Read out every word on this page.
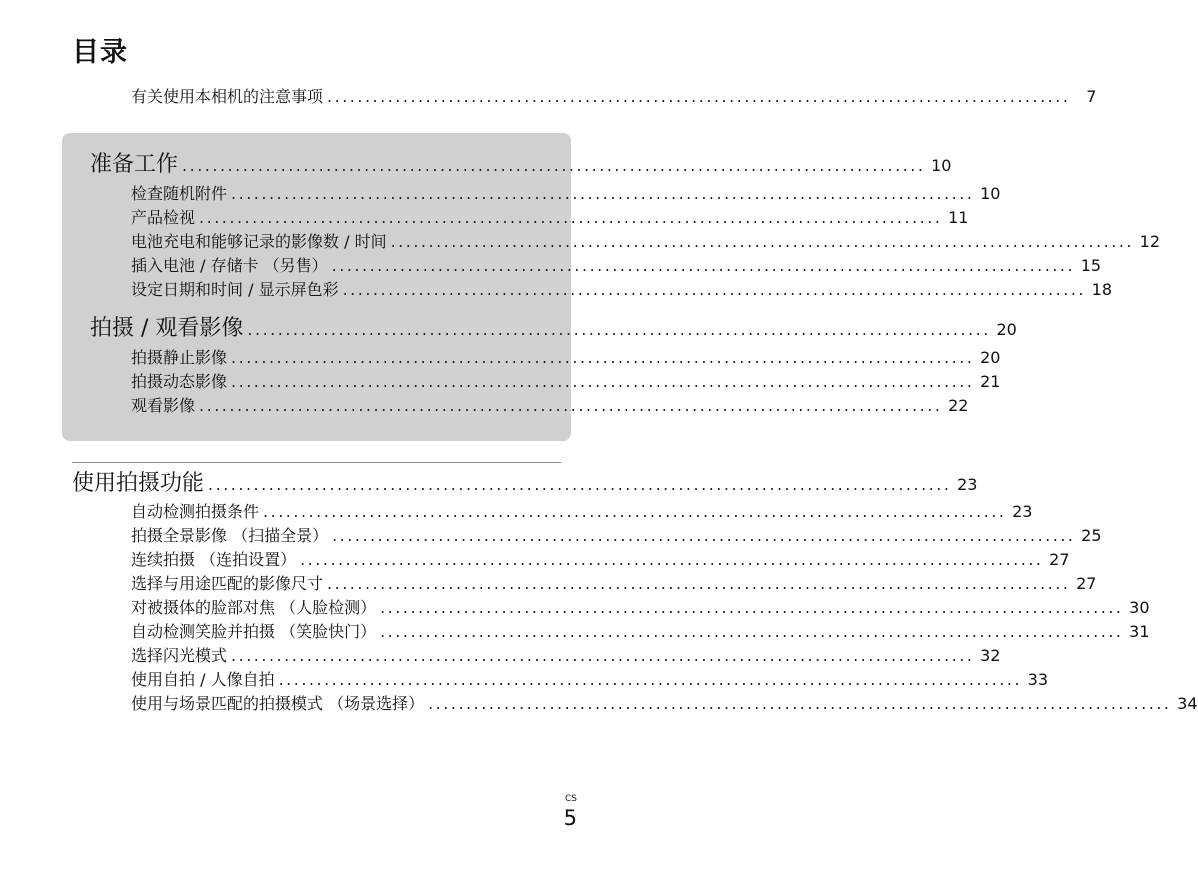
目录
有关使用本相机的注意事项 .................................................................................................. 7
准备工作 .................................................................................................. 10
检查随机附件 .................................................................................................. 10
产品检视 .................................................................................................. 11
电池充电和能够记录的影像数 / 时间 .................................................................................................. 12
插入电池 / 存储卡 （另售） .................................................................................................. 15
设定日期和时间 / 显示屏色彩 .................................................................................................. 18
拍摄 / 观看影像 .................................................................................................. 20
拍摄静止影像 .................................................................................................. 20
拍摄动态影像 .................................................................................................. 21
观看影像 .................................................................................................. 22
使用拍摄功能 .................................................................................................. 23
自动检测拍摄条件 .................................................................................................. 23
拍摄全景影像 （扫描全景） .................................................................................................. 25
连续拍摄 （连拍设置） .................................................................................................. 27
选择与用途匹配的影像尺寸 .................................................................................................. 27
对被摄体的脸部对焦 （人脸检测） .................................................................................................. 30
自动检测笑脸并拍摄 （笑脸快门） .................................................................................................. 31
选择闪光模式 .................................................................................................. 32
使用自拍 / 人像自拍 .................................................................................................. 33
使用与场景匹配的拍摄模式 （场景选择） .................................................................................................. 34
CS
5
